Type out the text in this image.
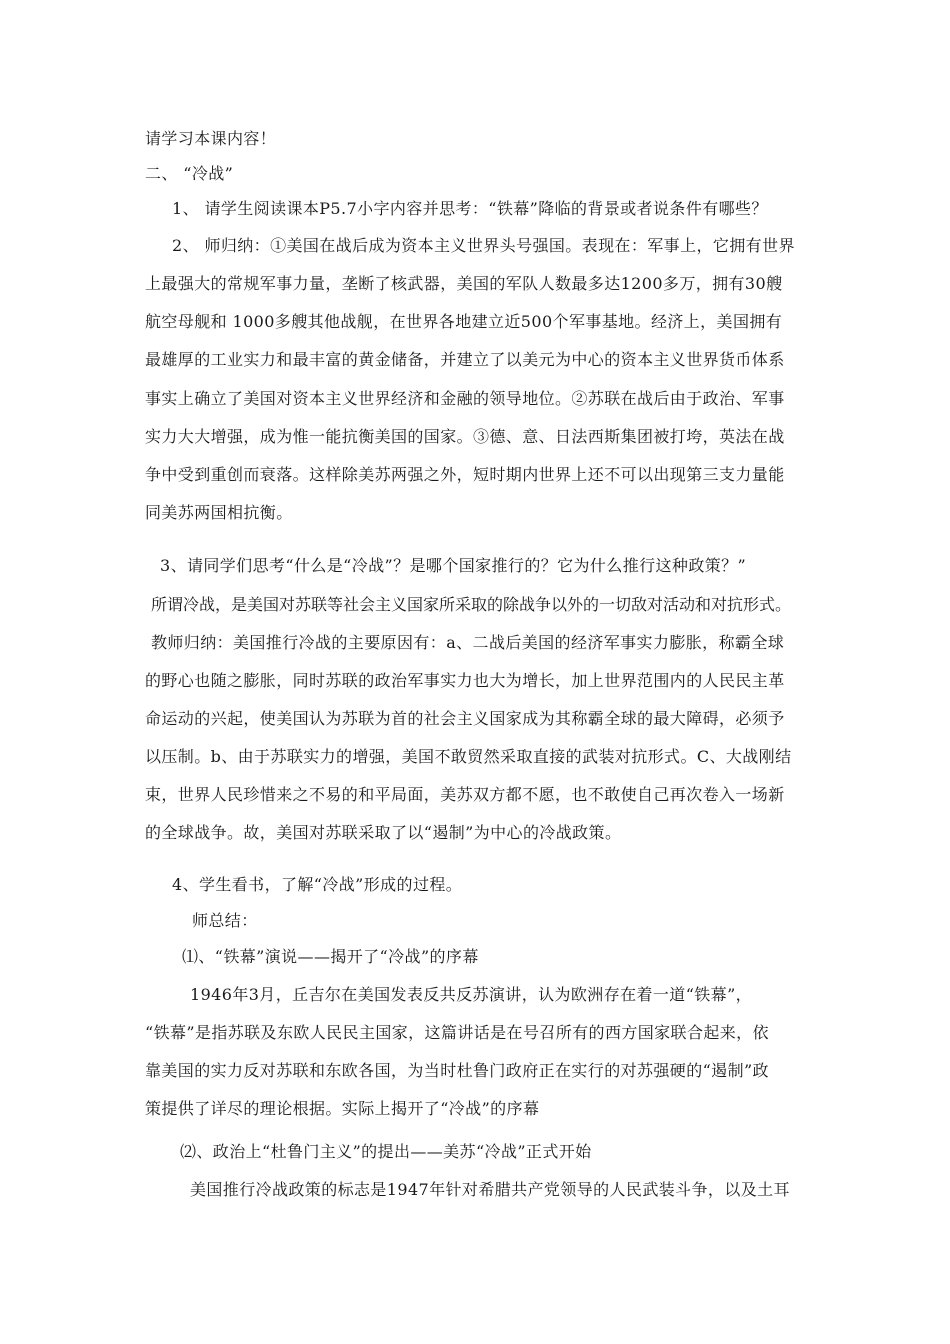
请学习本课内容！
二、 “冷战”
1、 请学生阅读课本P5.7小字内容并思考：“铁幕”降临的背景或者说条件有哪些？
2、 师归纳：①美国在战后成为资本主义世界头号强国。表现在：军事上，它拥有世界
上最强大的常规军事力量，垄断了核武器，美国的军队人数最多达1200多万，拥有30艘
航空母舰和 1000多艘其他战舰，在世界各地建立近500个军事基地。经济上，美国拥有
最雄厚的工业实力和最丰富的黄金储备，并建立了以美元为中心的资本主义世界货币体系
事实上确立了美国对资本主义世界经济和金融的领导地位。②苏联在战后由于政治、军事
实力大大增强，成为惟一能抗衡美国的国家。③德、意、日法西斯集团被打垮，英法在战
争中受到重创而衰落。这样除美苏两强之外，短时期内世界上还不可以出现第三支力量能
同美苏两国相抗衡。
3、请同学们思考“什么是“冷战”？是哪个国家推行的？它为什么推行这种政策？”
所谓冷战，是美国对苏联等社会主义国家所采取的除战争以外的一切敌对活动和对抗形式。
教师归纳：美国推行冷战的主要原因有：a、二战后美国的经济军事实力膨胀，称霸全球
的野心也随之膨胀，同时苏联的政治军事实力也大为增长，加上世界范围内的人民民主革
命运动的兴起，使美国认为苏联为首的社会主义国家成为其称霸全球的最大障碍，必须予
以压制。b、由于苏联实力的增强，美国不敢贸然采取直接的武装对抗形式。C、大战刚结
束，世界人民珍惜来之不易的和平局面，美苏双方都不愿，也不敢使自己再次卷入一场新
的全球战争。故，美国对苏联采取了以“遏制”为中心的冷战政策。
4、学生看书，了解“冷战”形成的过程。
师总结：
⑴、“铁幕”演说——揭开了“冷战”的序幕
1946年3月，丘吉尔在美国发表反共反苏演讲，认为欧洲存在着一道“铁幕”，
“铁幕”是指苏联及东欧人民民主国家，这篇讲话是在号召所有的西方国家联合起来，依
靠美国的实力反对苏联和东欧各国，为当时杜鲁门政府正在实行的对苏强硬的“遏制”政
策提供了详尽的理论根据。实际上揭开了“冷战”的序幕
⑵、政治上“杜鲁门主义”的提出——美苏“冷战”正式开始
美国推行冷战政策的标志是1947年针对希腊共产党领导的人民武装斗争，以及土耳
